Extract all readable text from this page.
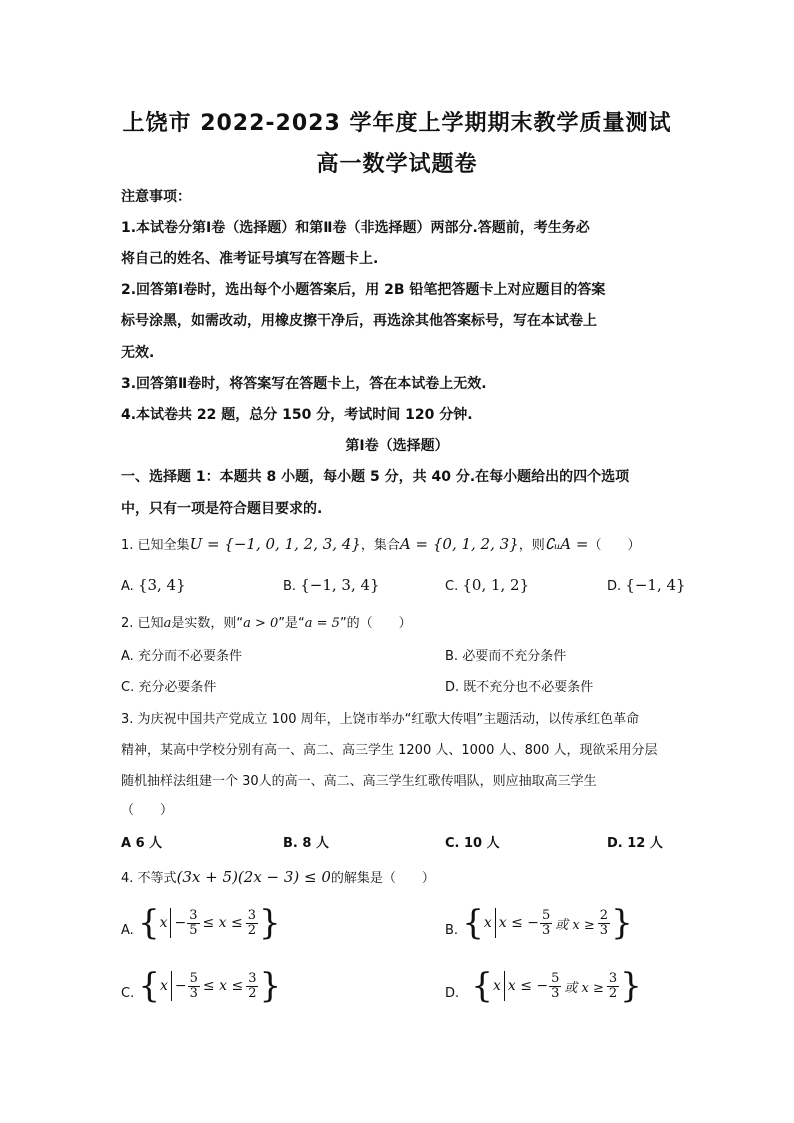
上饶市 2022-2023 学年度上学期期末教学质量测试
高一数学试题卷
注意事项：
1.本试卷分第Ⅰ卷（选择题）和第Ⅱ卷（非选择题）两部分.答题前，考生务必
将自己的姓名、准考证号填写在答题卡上.
2.回答第Ⅰ卷时，选出每个小题答案后，用 2B 铅笔把答题卡上对应题目的答案
标号涂黑，如需改动，用橡皮擦干净后，再选涂其他答案标号，写在本试卷上
无效.
3.回答第Ⅱ卷时，将答案写在答题卡上，答在本试卷上无效.
4.本试卷共 22 题，总分 150 分，考试时间 120 分钟.
第Ⅰ卷（选择题）
一、选择题 1：本题共 8 小题，每小题 5 分，共 40 分.在每小题给出的四个选项
中，只有一项是符合题目要求的.
1. 已知全集U = {−1, 0, 1, 2, 3, 4}，集合A = {0, 1, 2, 3}，则∁ᵤA =（　　）
A. {3, 4}	B. {−1, 3, 4}	C. {0, 1, 2}	D. {−1, 4}
2. 已知a是实数，则“a > 0”是“a = 5”的（　　）
A. 充分而不必要条件	B. 必要而不充分条件
C. 充分必要条件	D. 既不充分也不必要条件
3. 为庆祝中国共产党成立 100 周年，上饶市举办“红歌大传唱”主题活动，以传承红色革命
精神，某高中学校分别有高一、高二、高三学生 1200 人、1000 人、800 人，现欲采用分层
随机抽样法组建一个 30人的高一、高二、高三学生红歌传唱队，则应抽取高三学生
（　　）
A 6 人	B. 8 人	C. 10 人	D. 12 人
4. 不等式(3x + 5)(2x − 3) ≤ 0的解集是（　　）
A. { $x - \frac{3}{5} \le x \le \frac{3}{2}$ }	B. { x x ≤ − $\frac{5}{3}$ 或 $x \ge \frac{2}{3}$ }
C. { $x - \frac{5}{3} \le x \le \frac{3}{2}$ }	D. { x x ≤ − $\frac{5}{3}$ 或 $x \ge \frac{3}{2}$ }
